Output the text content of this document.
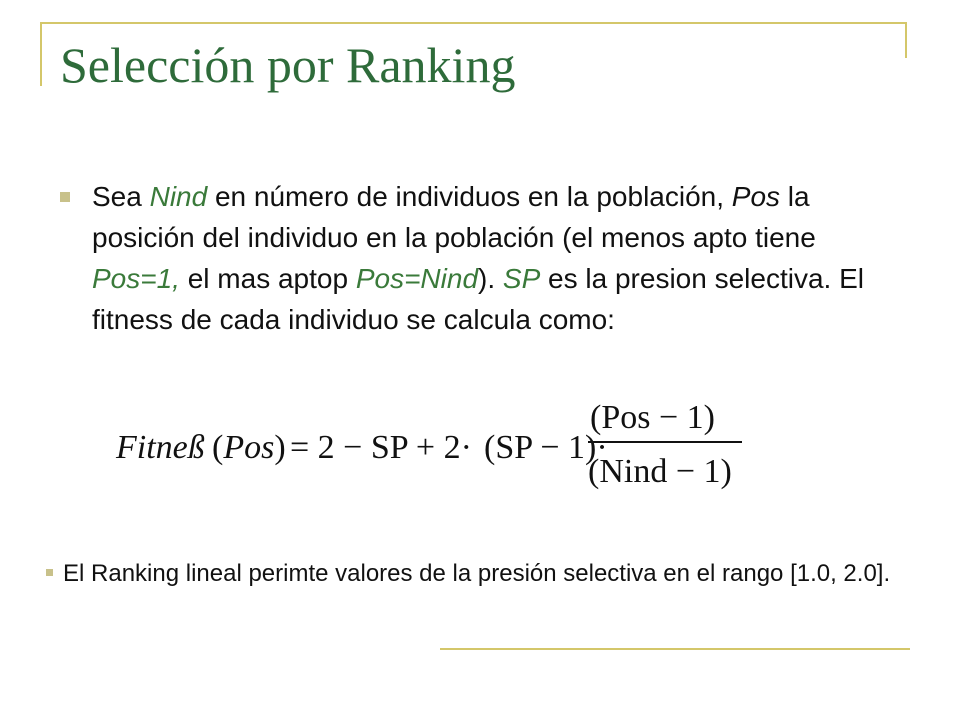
Selección por Ranking
Sea Nind en número de individuos en la población, Pos la posición del individuo en la población (el menos apto tiene Pos=1, el mas aptop Pos=Nind). SP es la presion selectiva. El fitness de cada individuo se calcula como:
Fitneß (Pos) = 2 − SP + 2· (SP − 1)·
(Pos − 1)
(Nind − 1)
El Ranking lineal perimte valores de la presión selectiva en el rango [1.0, 2.0].
